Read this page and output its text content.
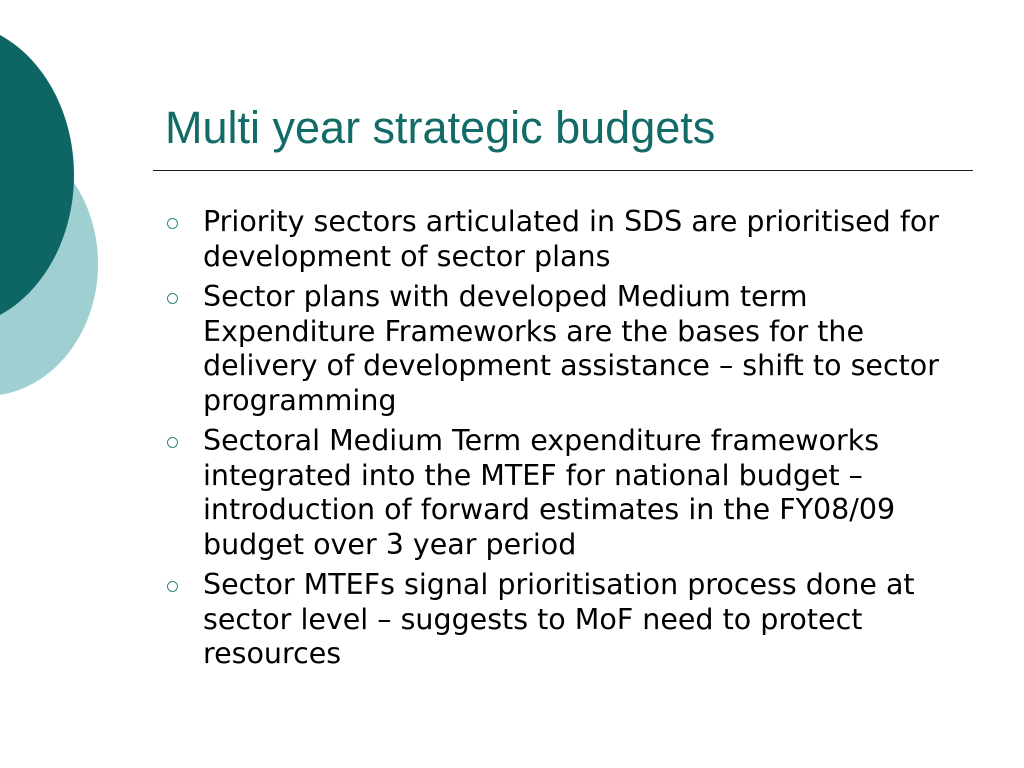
Multi year strategic budgets
Priority sectors articulated in SDS are prioritised for development of sector plans
Sector plans with developed Medium term Expenditure Frameworks are the bases for the delivery of development assistance – shift to sector programming
Sectoral Medium Term expenditure frameworks integrated into the MTEF for national budget – introduction of forward estimates in the FY08/09 budget over 3 year period
Sector MTEFs signal prioritisation process done at sector level – suggests to MoF need to protect resources
